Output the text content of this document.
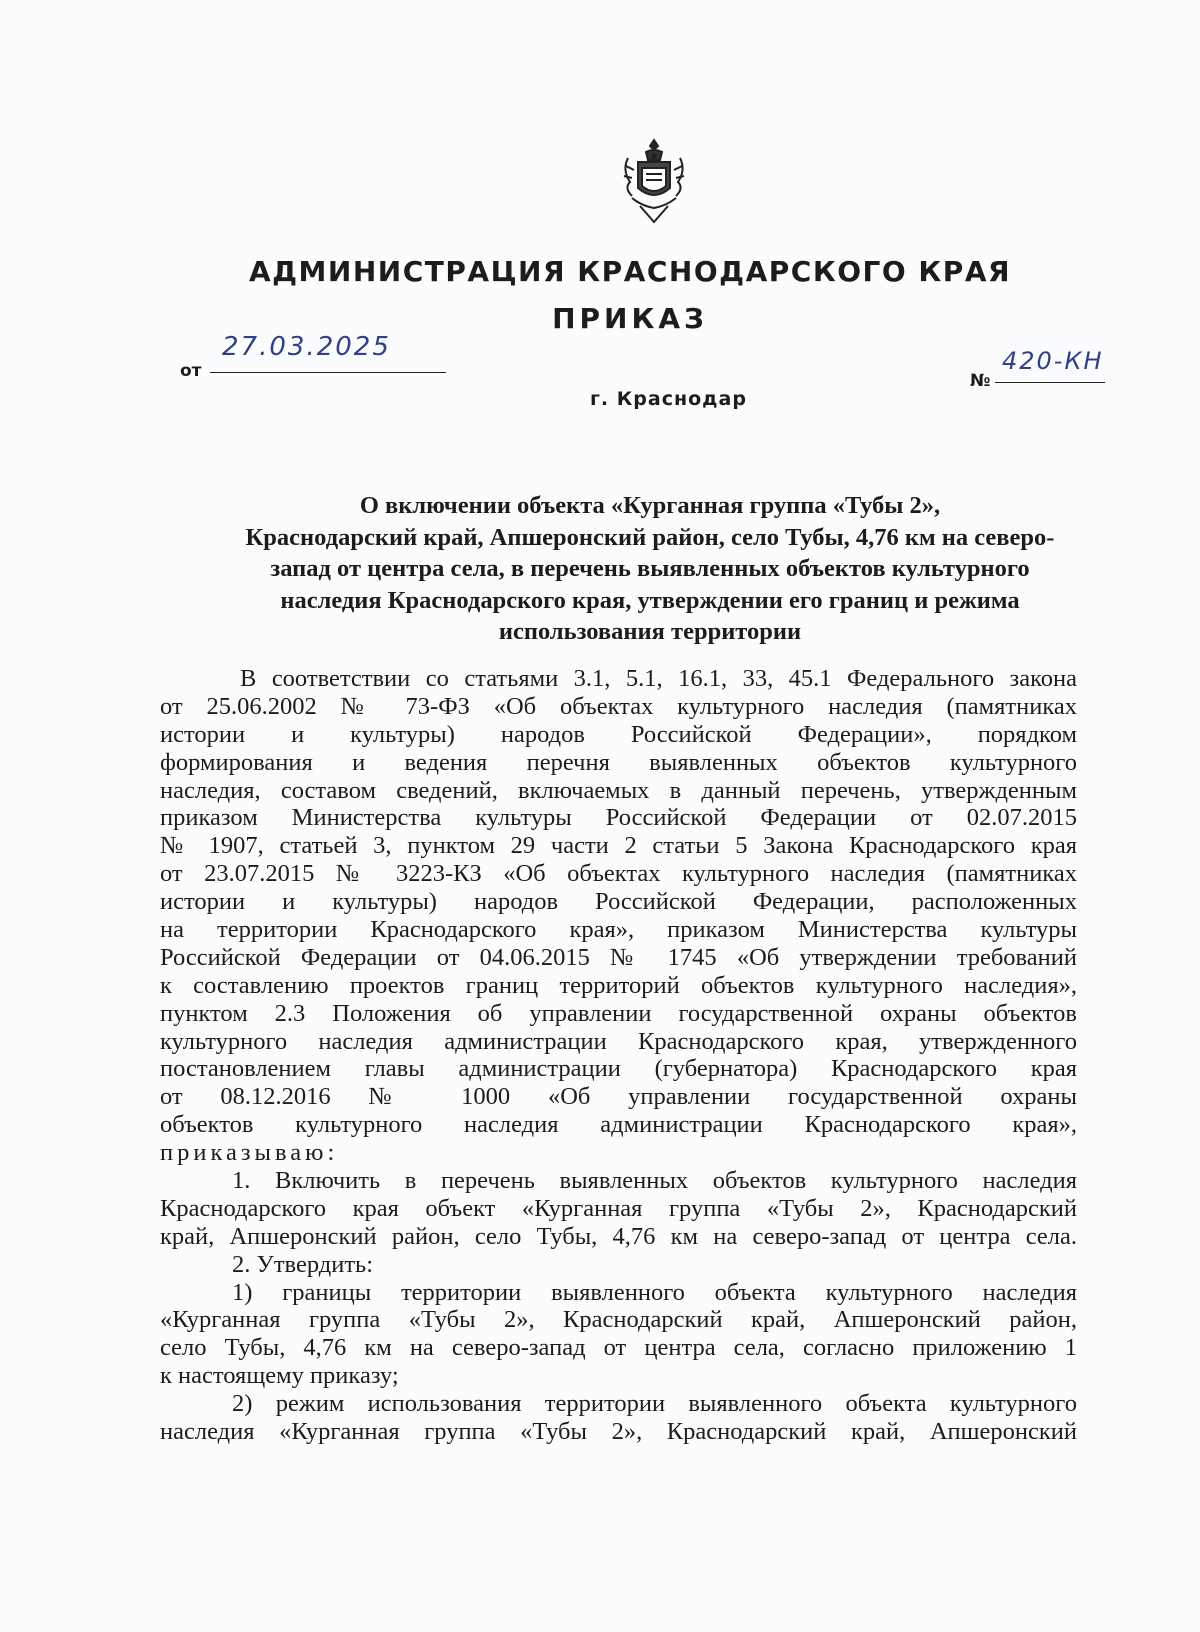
АДМИНИСТРАЦИЯ КРАСНОДАРСКОГО КРАЯ
ПРИКАЗ
от
27.03.2025
№
420-КН
г. Краснодар
О включении объекта «Курганная группа «Тубы 2»,
Краснодарский край, Апшеронский район, село Тубы, 4,76 км на северо-
запад от центра села, в перечень выявленных объектов культурного
наследия Краснодарского края, утверждении его границ и режима
использования территории
В соответствии со статьями 3.1, 5.1, 16.1, 33, 45.1 Федерального закона
от 25.06.2002 № 73-ФЗ «Об объектах культурного наследия (памятниках
истории и культуры) народов Российской Федерации», порядком
формирования и ведения перечня выявленных объектов культурного
наследия, составом сведений, включаемых в данный перечень, утвержденным
приказом Министерства культуры Российской Федерации от 02.07.2015
№ 1907, статьей 3, пунктом 29 части 2 статьи 5 Закона Краснодарского края
от 23.07.2015 № 3223-КЗ «Об объектах культурного наследия (памятниках
истории и культуры) народов Российской Федерации, расположенных
на территории Краснодарского края», приказом Министерства культуры
Российской Федерации от 04.06.2015 № 1745 «Об утверждении требований
к составлению проектов границ территорий объектов культурного наследия»,
пунктом 2.3 Положения об управлении государственной охраны объектов
культурного наследия администрации Краснодарского края, утвержденного
постановлением главы администрации (губернатора) Краснодарского края
от 08.12.2016 № 1000 «Об управлении государственной охраны
объектов культурного наследия администрации Краснодарского края»,
приказываю:
1. Включить в перечень выявленных объектов культурного наследия
Краснодарского края объект «Курганная группа «Тубы 2», Краснодарский
край, Апшеронский район, село Тубы, 4,76 км на северо-запад от центра села.
2. Утвердить:
1) границы территории выявленного объекта культурного наследия
«Курганная группа «Тубы 2», Краснодарский край, Апшеронский район,
село Тубы, 4,76 км на северо-запад от центра села, согласно приложению 1
к настоящему приказу;
2) режим использования территории выявленного объекта культурного
наследия «Курганная группа «Тубы 2», Краснодарский край, Апшеронский
